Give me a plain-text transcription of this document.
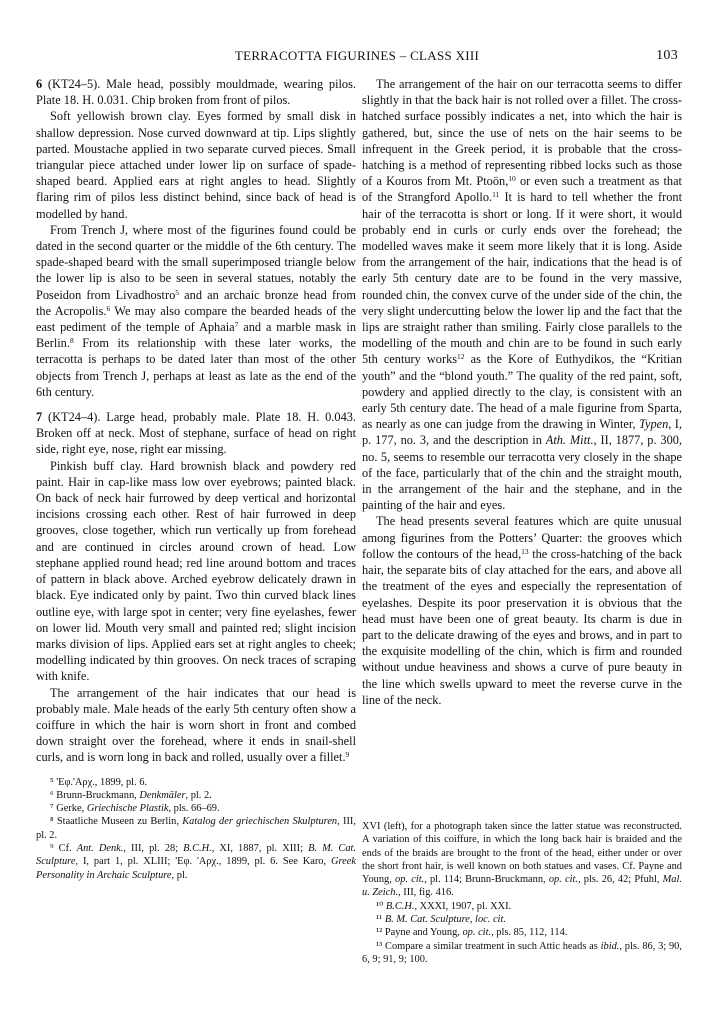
TERRACOTTA FIGURINES – CLASS XIII	103

6 (KT24–5). Male head, possibly mouldmade, wearing pilos. Plate 18. H. 0.031. Chip broken from front of pilos.

Soft yellowish brown clay. Eyes formed by small disk in shallow depression. Nose curved downward at tip. Lips slightly parted. Moustache applied in two separate curved pieces. Small triangular piece attached under lower lip on surface of spade-shaped beard. Applied ears at right angles to head. Slightly flaring rim of pilos less distinct behind, since back of head is modelled by hand.

From Trench J, where most of the figurines found could be dated in the second quarter or the middle of the 6th century. The spade-shaped beard with the small superimposed triangle below the lower lip is also to be seen in several statues, notably the Poseidon from Livadhostro$^5$ and an archaic bronze head from the Acropolis.$^6$ We may also compare the bearded heads of the east pediment of the temple of Aphaia$^7$ and a marble mask in Berlin.$^8$ From its relationship with these later works, the terracotta is perhaps to be dated later than most of the other objects from Trench J, perhaps at least as late as the end of the 6th century.

7 (KT24–4). Large head, probably male. Plate 18. H. 0.043. Broken off at neck. Most of stephane, surface of head on right side, right eye, nose, right ear missing.

Pinkish buff clay. Hard brownish black and powdery red paint. Hair in cap-like mass low over eyebrows; painted black. On back of neck hair furrowed by deep vertical and horizontal incisions crossing each other. Rest of hair furrowed in deep grooves, close together, which run vertically up from forehead and are continued in circles around crown of head. Low stephane applied round head; red line around bottom and traces of pattern in black above. Arched eyebrow delicately drawn in black. Eye indicated only by paint. Two thin curved black lines outline eye, with large spot in center; very fine eyelashes, fewer on lower lid. Mouth very small and painted red; slight incision marks division of lips. Applied ears set at right angles to cheek; modelling indicated by thin grooves. On neck traces of scraping with knife.

The arrangement of the hair indicates that our head is probably male. Male heads of the early 5th century often show a coiffure in which the hair is worn short in front and combed down straight over the forehead, where it ends in snail-shell curls, and is worn long in back and rolled, usually over a fillet.$^9$

⁵ 'Εφ.'Αρχ., 1899, pl. 6.

⁶ Brunn-Bruckmann, Denkmäler, pl. 2.

⁷ Gerke, Griechische Plastik, pls. 66–69.

⁸ Staatliche Museen zu Berlin, Katalog der griechischen Skulpturen, III, pl. 2.

⁹ Cf. Ant. Denk., III, pl. 28; B.C.H., XI, 1887, pl. XIII; B. M. Cat. Sculpture, I, part 1, pl. XLIII; 'Εφ. 'Αρχ., 1899, pl. 6. See Karo, Greek Personality in Archaic Sculpture, pl.

The arrangement of the hair on our terracotta seems to differ slightly in that the back hair is not rolled over a fillet. The cross-hatched surface possibly indicates a net, into which the hair is gathered, but, since the use of nets on the hair seems to be infrequent in the Greek period, it is probable that the cross-hatching is a method of representing ribbed locks such as those of a Kouros from Mt. Ptoön,$^{10}$ or even such a treatment as that of the Strangford Apollo.$^{11}$ It is hard to tell whether the front hair of the terracotta is short or long. If it were short, it would probably end in curls or curly ends over the forehead; the modelled waves make it seem more likely that it is long. Aside from the arrangement of the hair, indications that the head is of early 5th century date are to be found in the very massive, rounded chin, the convex curve of the under side of the chin, the very slight undercutting below the lower lip and the fact that the lips are straight rather than smiling. Fairly close parallels to the modelling of the mouth and chin are to be found in such early 5th century works$^{12}$ as the Kore of Euthydikos, the “Kritian youth” and the “blond youth.” The quality of the red paint, soft, powdery and applied directly to the clay, is consistent with an early 5th century date. The head of a male figurine from Sparta, as nearly as one can judge from the drawing in Winter, Typen, I, p. 177, no. 3, and the description in Ath. Mitt., II, 1877, p. 300, no. 5, seems to resemble our terracotta very closely in the shape of the face, particularly that of the chin and the straight mouth, in the arrangement of the hair and the stephane, and in the painting of the hair and eyes.

The head presents several features which are quite unusual among figurines from the Potters’ Quarter: the grooves which follow the contours of the head,$^{13}$ the cross-hatching of the back hair, the separate bits of clay attached for the ears, and above all the treatment of the eyes and especially the representation of eyelashes. Despite its poor preservation it is obvious that the head must have been one of great beauty. Its charm is due in part to the delicate drawing of the eyes and brows, and in part to the exquisite modelling of the chin, which is firm and rounded without undue heaviness and shows a curve of pure beauty in the line which swells upward to meet the reverse curve in the line of the neck.

XVI (left), for a photograph taken since the latter statue was reconstructed. A variation of this coiffure, in which the long back hair is braided and the ends of the braids are brought to the front of the head, either under or over the short front hair, is well known on both statues and vases. Cf. Payne and Young, op. cit., pl. 114; Brunn-Bruckmann, op. cit., pls. 26, 42; Pfuhl, Mal. u. Zeich., III, fig. 416.

¹⁰ B.C.H., XXXI, 1907, pl. XXI.

¹¹ B. M. Cat. Sculpture, loc. cit.

¹² Payne and Young, op. cit., pls. 85, 112, 114.

¹³ Compare a similar treatment in such Attic heads as ibid., pls. 86, 3; 90, 6, 9; 91, 9; 100.
